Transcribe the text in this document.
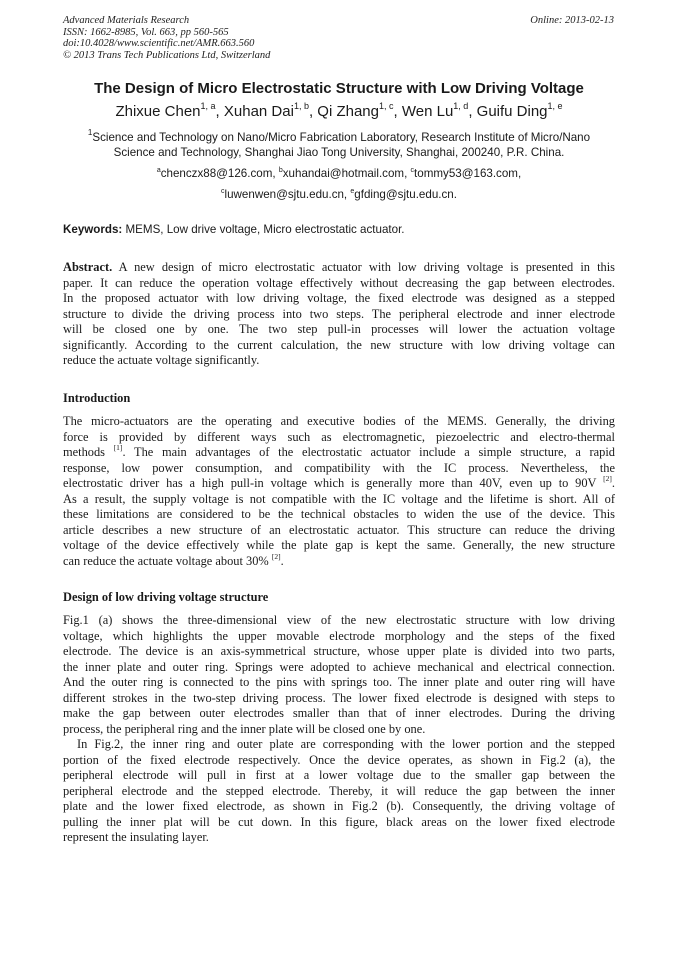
Advanced Materials Research
ISSN: 1662-8985, Vol. 663, pp 560-565
doi:10.4028/www.scientific.net/AMR.663.560
© 2013 Trans Tech Publications Ltd, Switzerland
Online: 2013-02-13
The Design of Micro Electrostatic Structure with Low Driving Voltage
Zhixue Chen$^{1, a}$, Xuhan Dai$^{1, b}$, Qi Zhang$^{1, c}$, Wen Lu$^{1, d}$, Guifu Ding$^{1, e}$
$^1$Science and Technology on Nano/Micro Fabrication Laboratory, Research Institute of Micro/Nano
Science and Technology, Shanghai Jiao Tong University, Shanghai, 200240, P.R. China.
$^a$chenczx88@126.com, $^b$xuhandai@hotmail.com, $^c$tommy53@163.com,
$^c$luwenwen@sjtu.edu.cn, $^e$gfding@sjtu.edu.cn.
Keywords: MEMS, Low drive voltage, Micro electrostatic actuator.
Abstract. A new design of micro electrostatic actuator with low driving voltage is presented in this
paper. It can reduce the operation voltage effectively without decreasing the gap between electrodes.
In the proposed actuator with low driving voltage, the fixed electrode was designed as a stepped
structure to divide the driving process into two steps. The peripheral electrode and inner electrode
will be closed one by one. The two step pull-in processes will lower the actuation voltage
significantly. According to the current calculation, the new structure with low driving voltage can
reduce the actuate voltage significantly.
Introduction
The micro-actuators are the operating and executive bodies of the MEMS. Generally, the driving
force is provided by different ways such as electromagnetic, piezoelectric and electro-thermal
methods [1]. The main advantages of the electrostatic actuator include a simple structure, a rapid
response, low power consumption, and compatibility with the IC process. Nevertheless, the
electrostatic driver has a high pull-in voltage which is generally more than 40V, even up to 90V [2].
As a result, the supply voltage is not compatible with the IC voltage and the lifetime is short. All of
these limitations are considered to be the technical obstacles to widen the use of the device. This
article describes a new structure of an electrostatic actuator. This structure can reduce the driving
voltage of the device effectively while the plate gap is kept the same. Generally, the new structure
can reduce the actuate voltage about 30% [2].
Design of low driving voltage structure
Fig.1 (a) shows the three-dimensional view of the new electrostatic structure with low driving
voltage, which highlights the upper movable electrode morphology and the steps of the fixed
electrode. The device is an axis-symmetrical structure, whose upper plate is divided into two parts,
the inner plate and outer ring. Springs were adopted to achieve mechanical and electrical connection.
And the outer ring is connected to the pins with springs too. The inner plate and outer ring will have
different strokes in the two-step driving process. The lower fixed electrode is designed with steps to
make the gap between outer electrodes smaller than that of inner electrodes. During the driving
process, the peripheral ring and the inner plate will be closed one by one.
In Fig.2, the inner ring and outer plate are corresponding with the lower portion and the stepped
portion of the fixed electrode respectively. Once the device operates, as shown in Fig.2 (a), the
peripheral electrode will pull in first at a lower voltage due to the smaller gap between the
peripheral electrode and the stepped electrode. Thereby, it will reduce the gap between the inner
plate and the lower fixed electrode, as shown in Fig.2 (b). Consequently, the driving voltage of
pulling the inner plat will be cut down. In this figure, black areas on the lower fixed electrode
represent the insulating layer.
